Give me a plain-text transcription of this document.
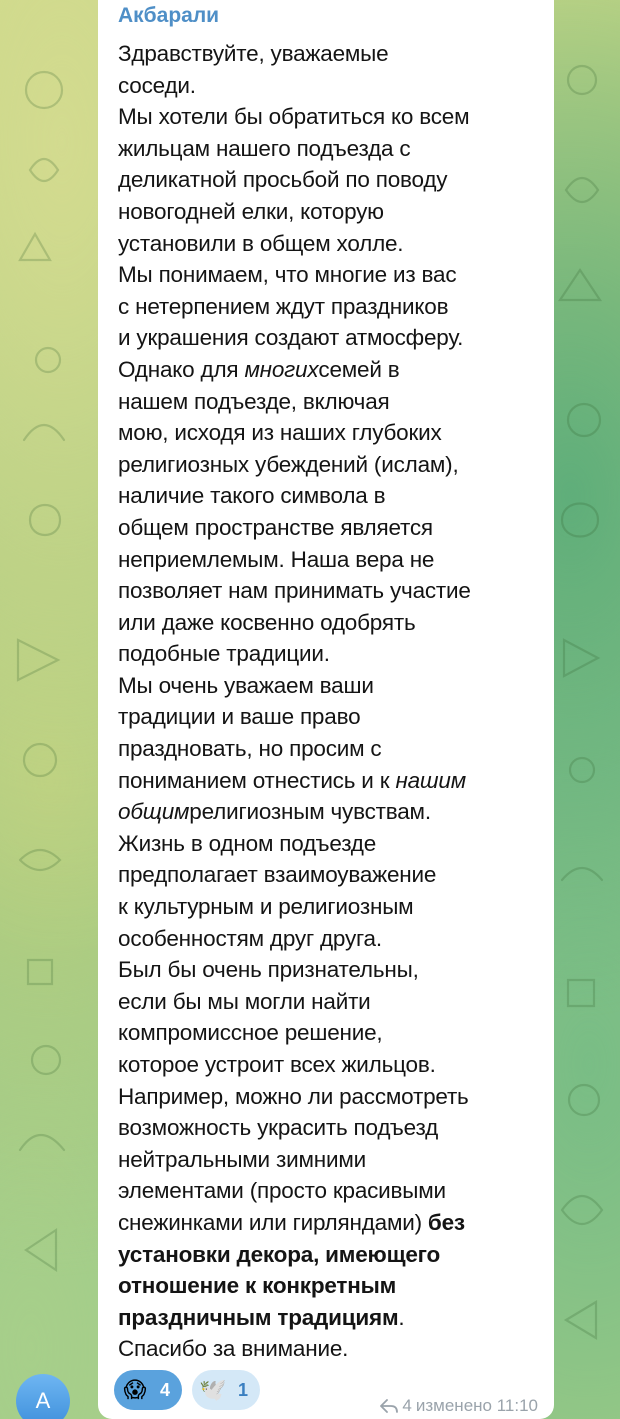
Акбарали
Здравствуйте, уважаемые
соседи.
Мы хотели бы обратиться ко всем
жильцам нашего подъезда с
деликатной просьбой по поводу
новогодней елки, которую
установили в общем холле.
Мы понимаем, что многие из вас
с нетерпением ждут праздников
и украшения создают атмосферу.
Однако для многихсемей в
нашем подъезде, включая
мою, исходя из наших глубоких
религиозных убеждений (ислам),
наличие такого символа в
общем пространстве является
неприемлемым. Наша вера не
позволяет нам принимать участие
или даже косвенно одобрять
подобные традиции.
Мы очень уважаем ваши
традиции и ваше право
праздновать, но просим с
пониманием отнестись и к нашим
общимрелигиозным чувствам.
Жизнь в одном подъезде
предполагает взаимоуважение
к культурным и религиозным
особенностям друг друга.
Был бы очень признательны,
если бы мы могли найти
компромиссное решение,
которое устроит всех жильцов.
Например, можно ли рассмотреть
возможность украсить подъезд
нейтральными зимними
элементами (просто красивыми
снежинками или гирляндами) без
установки декора, имеющего
отношение к конкретным
праздничным традициям.
Спасибо за внимание.
😱 4 🕊️ 1
4 изменено 11:10
А
